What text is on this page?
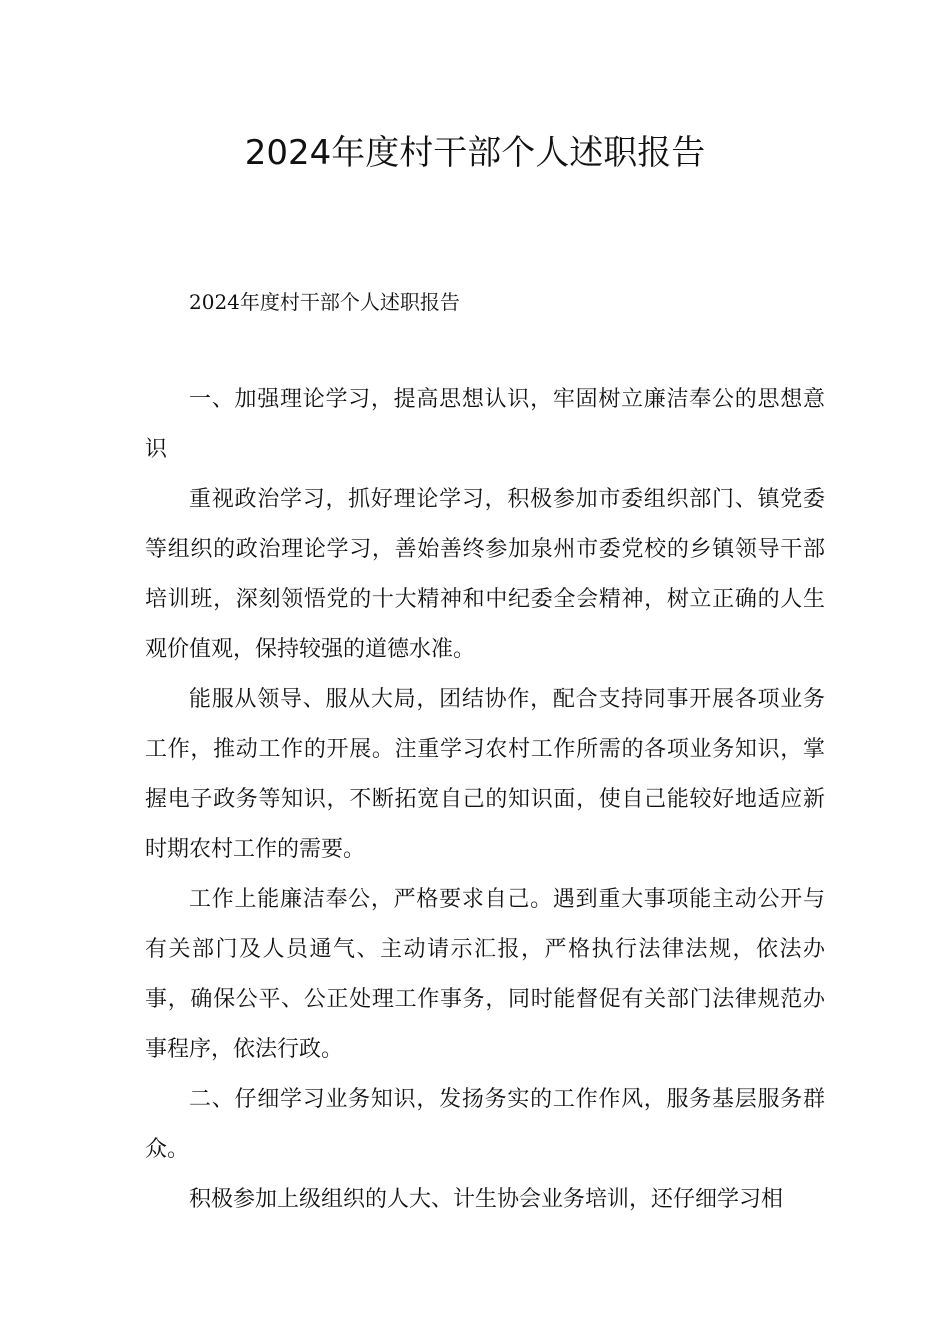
2024年度村干部个人述职报告

2024年度村干部个人述职报告

一、加强理论学习，提高思想认识，牢固树立廉洁奉公的思想意识

重视政治学习，抓好理论学习，积极参加市委组织部门、镇党委等组织的政治理论学习，善始善终参加泉州市委党校的乡镇领导干部培训班，深刻领悟党的十大精神和中纪委全会精神，树立正确的人生观价值观，保持较强的道德水准。

能服从领导、服从大局，团结协作，配合支持同事开展各项业务工作，推动工作的开展。注重学习农村工作所需的各项业务知识，掌握电子政务等知识，不断拓宽自己的知识面，使自己能较好地适应新时期农村工作的需要。

工作上能廉洁奉公，严格要求自己。遇到重大事项能主动公开与有关部门及人员通气、主动请示汇报，严格执行法律法规，依法办事，确保公平、公正处理工作事务，同时能督促有关部门法律规范办事程序，依法行政。

二、仔细学习业务知识，发扬务实的工作作风，服务基层服务群众。

积极参加上级组织的人大、计生协会业务培训，还仔细学习相
